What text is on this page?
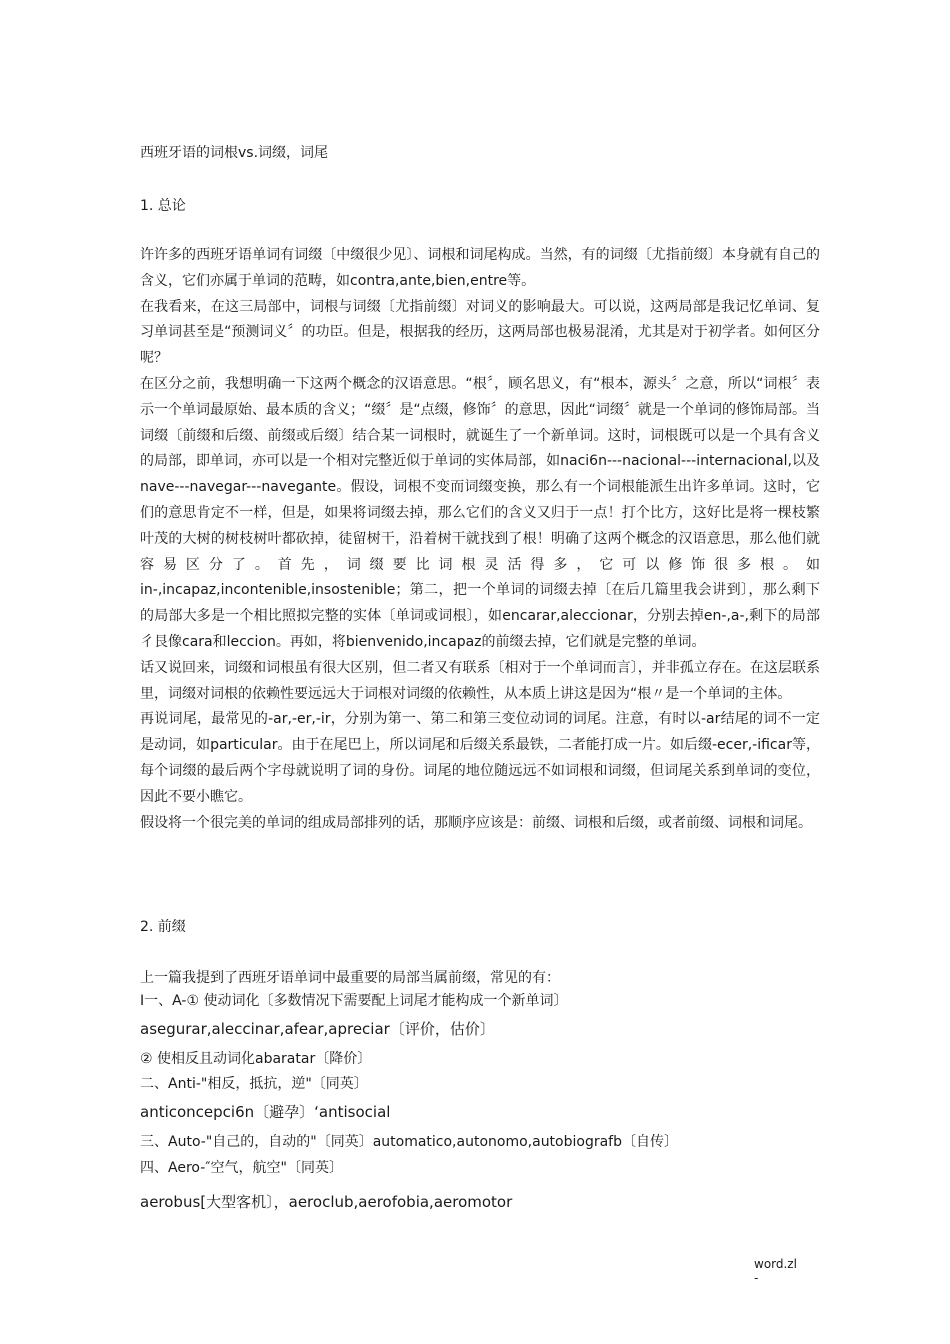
西班牙语的词根vs.词缀，词尾
1. 总论

许许多的西班牙语单词有词缀〔中缀很少见〕、词根和词尾构成。当然，有的词缀〔尤指前缀〕本身就有自己的含义，它们亦属于单词的范畴，如contra,ante,bien,entre等。

在我看来，在这三局部中，词根与词缀〔尤指前缀〕对词义的影响最大。可以说，这两局部是我记忆单词、复习单词甚至是“预测词义〞的功臣。但是，根据我的经历，这两局部也极易混淆，尤其是对于初学者。如何区分呢？

在区分之前，我想明确一下这两个概念的汉语意思。“根〞，顾名思义，有“根本，源头〞之意，所以“词根〞表示一个单词最原始、最本质的含义；“缀〞是“点缀，修饰〞的意思，因此“词缀〞就是一个单词的修饰局部。当词缀〔前缀和后缀、前缀或后缀〕结合某一词根时，就诞生了一个新单词。这时，词根既可以是一个具有含义的局部，即单词，亦可以是一个相对完整近似于单词的实体局部，如naci6n---nacional---internacional,以及nave---navegar---navegante。假设，词根不变而词缀变换，那么有一个词根能派生出许多单词。这时，它们的意思肯定不一样，但是，如果将词缀去掉，那么它们的含义又归于一点！打个比方，这好比是将一棵枝繁叶茂的大树的树枝树叶都砍掉，徒留树干，沿着树干就找到了根！明确了这两个概念的汉语意思，那么他们就容易区分了。首先，词缀要比词根灵活得多，它可以修饰很多根。如in-,incapaz,incontenible,insostenible；第二，把一个单词的词缀去掉〔在后几篇里我会讲到〕，那么剩下的局部大多是一个相比照拟完整的实体〔单词或词根〕，如encarar,aleccionar，分别去掉en-,a-,剩下的局部彳艮像cara和leccion。再如，将bienvenido,incapaz的前缀去掉，它们就是完整的单词。

话又说回来，词缀和词根虽有很大区别，但二者又有联系〔相对于一个单词而言〕，并非孤立存在。在这层联系里，词缀对词根的依赖性要远远大于词根对词缀的依赖性，从本质上讲这是因为“根〃是一个单词的主体。

再说词尾，最常见的-ar,-er,-ir，分别为第一、第二和第三变位动词的词尾。注意，有时以-ar结尾的词不一定是动词，如particular。由于在尾巴上，所以词尾和后缀关系最铁，二者能打成一片。如后缀-ecer,-ificar等，每个词缀的最后两个字母就说明了词的身份。词尾的地位随远远不如词根和词缀，但词尾关系到单词的变位，因此不要小瞧它。

假设将一个很完美的单词的组成局部排列的话，那顺序应该是：前缀、词根和后缀，或者前缀、词根和词尾。

2. 前缀
上一篇我提到了西班牙语单词中最重要的局部当属前缀，常见的有：
I一、A-① 使动词化〔多数情况下需要配上词尾才能构成一个新单词〕
asegurar,aleccinar,afear,apreciar〔评价，估价〕
② 使相反且动词化abaratar〔降价〕
二、Anti-"相反，抵抗，逆"〔同英〕
anticoncepci6n〔避孕〕‘antisocial
三、Auto-"自己的，自动的"〔同英〕automatico,autonomo,autobiografb〔自传〕
四、Aero-″空气，航空"〔同英〕
aerobus[大型客机〕，aeroclub,aerofobia,aeromotor
word.zl
-
